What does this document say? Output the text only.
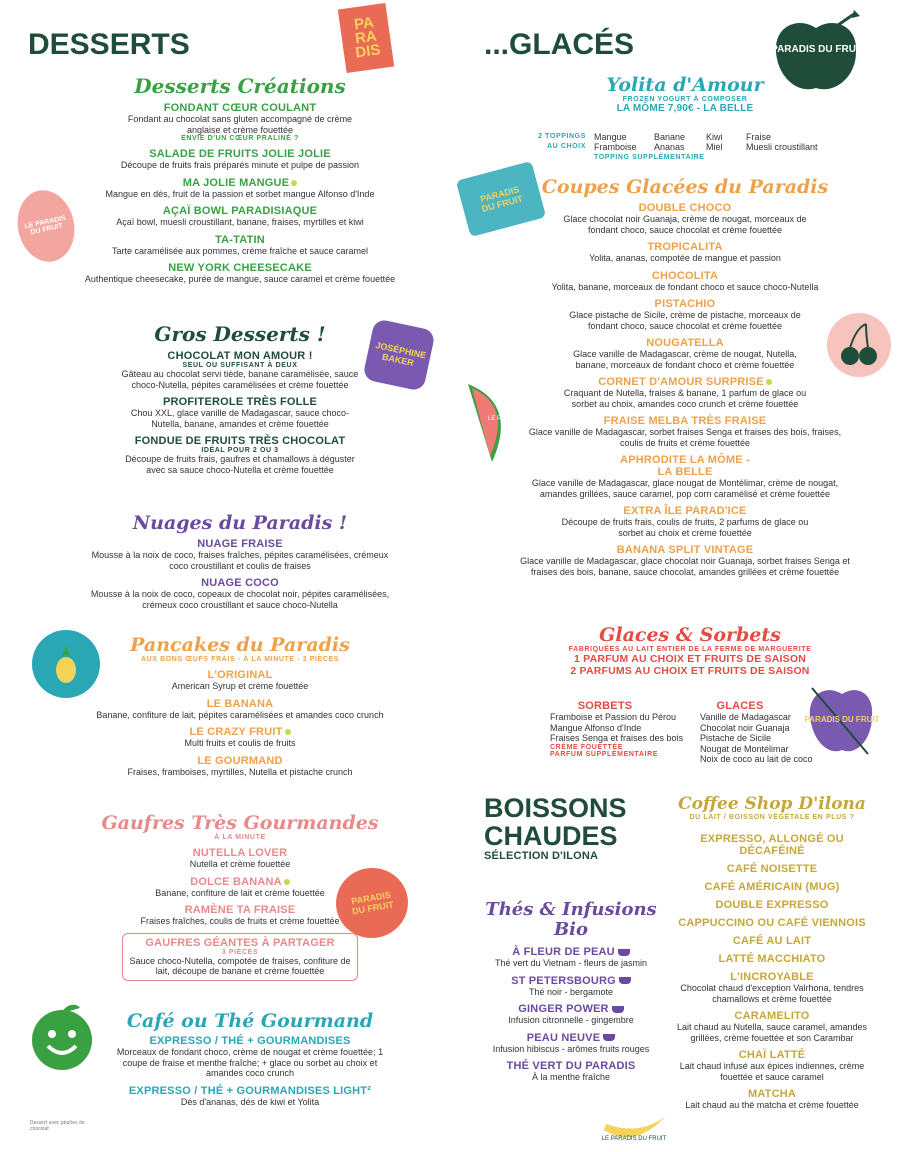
DESSERTS
Desserts Créations
FONDANT CŒUR COULANT
Fondant au chocolat sans gluten accompagné de crème anglaise et crème fouettée
ENVIE D'UN CŒUR PRALINÉ ?
SALADE DE FRUITS JOLIE JOLIE
Découpe de fruits frais préparés minute et pulpe de passion
MA JOLIE MANGUE
Mangue en dés, fruit de la passion et sorbet mangue Alfonso d'Inde
AÇAÏ BOWL PARADISIAQUE
Açaï bowl, muesli croustillant, banane, fraises, myrtilles et kiwi
TA-TATIN
Tarte caramélisée aux pommes, crème fraîche et sauce caramel
NEW YORK CHEESECAKE
Authentique cheesecake, purée de mangue, sauce caramel et crème fouettée
Gros Desserts !
CHOCOLAT MON AMOUR !
SEUL OU SUFFISANT À DEUX
Gâteau au chocolat servi tiède, banane caramélisée, sauce choco-Nutella, pépites caramélisées et crème fouettée
PROFITEROLE TRÈS FOLLE
Chou XXL, glace vanille de Madagascar, sauce choco-Nutella, banane, amandes et crème fouettée
FONDUE DE FRUITS TRÈS CHOCOLAT
IDÉAL POUR 2 OU 3
Découpe de fruits frais, gaufres et chamallows à déguster avec sa sauce choco-Nutella et crème fouettée
Nuages du Paradis !
NUAGE FRAISE
Mousse à la noix de coco, fraises fraîches, pépites caramélisées, crémeux coco croustillant et coulis de fraises
NUAGE COCO
Mousse à la noix de coco, copeaux de chocolat noir, pépites caramélisées, crémeux coco croustillant et sauce choco-Nutella
Pancakes du Paradis
AUX BONS ŒUFS FRAIS - À LA MINUTE - 3 PIÈCES
L'ORIGINAL
American Syrup et crème fouettée
LE BANANA
Banane, confiture de lait, pépites caramélisées et amandes coco crunch
LE CRAZY FRUIT
Multi fruits et coulis de fruits
LE GOURMAND
Fraises, framboises, myrtilles, Nutella et pistache crunch
Gaufres Très Gourmandes
À LA MINUTE
NUTELLA LOVER
Nutella et crème fouettée
DOLCE BANANA
Banane, confiture de lait et crème fouettée
RAMÈNE TA FRAISE
Fraises fraîches, coulis de fruits et crème fouettée
GAUFRES GÉANTES À PARTAGER
3 PIÈCES
Sauce choco-Nutella, compotée de fraises, confiture de lait, découpe de banane et crème fouettée
Café ou Thé Gourmand
EXPRESSO / THÉ + GOURMANDISES
Morceaux de fondant choco, crème de nougat et crème fouettée; 1 coupe de fraise et menthe fraîche; + glace ou sorbet au choix et amandes coco crunch
EXPRESSO / THÉ + GOURMANDISES LIGHT²
Dés d'ananas, dés de kiwi et Yolita
Dessert avec pépites de chocolat
...GLACÉS
Yolita d'Amour
FROZEN YOGURT À COMPOSER
LA MÔME 7,90€ - LA BELLE
2 TOPPINGS AU CHOIX
Mangue
Framboise
Banane
Ananas
Kiwi
Miel
Fraise
Muesli croustillant
TOPPING SUPPLÉMENTAIRE
Coupes Glacées du Paradis
DOUBLE CHOCO
Glace chocolat noir Guanaja, crème de nougat, morceaux de fondant choco, sauce chocolat et crème fouettée
TROPICALITA
Yolita, ananas, compotée de mangue et passion
CHOCOLITA
Yolita, banane, morceaux de fondant choco et sauce choco-Nutella
PISTACHIO
Glace pistache de Sicile, crème de pistache, morceaux de fondant choco, sauce chocolat et crème fouettée
NOUGATELLA
Glace vanille de Madagascar, crème de nougat, Nutella, banane, morceaux de fondant choco et crème fouettée
CORNET D'AMOUR SURPRISE
Craquant de Nutella, fraises & banane, 1 parfum de glace ou sorbet au choix, amandes coco crunch et crème fouettée
FRAISE MELBA TRÈS FRAISE
Glace vanille de Madagascar, sorbet fraises Senga et fraises des bois, fraises, coulis de fruits et crème fouettée
APHRODITE LA MÔME - LA BELLE
Glace vanille de Madagascar, glace nougat de Montélimar, crème de nougat, amandes grillées, sauce caramel, pop corn caramélisé et crème fouettée
EXTRA ÎLE PARAD'ICE
Découpe de fruits frais, coulis de fruits, 2 parfums de glace ou sorbet au choix et crème fouettée
BANANA SPLIT VINTAGE
Glace vanille de Madagascar, glace chocolat noir Guanaja, sorbet fraises Senga et fraises des bois, banane, sauce chocolat, amandes grillées et crème fouettée
Glaces & Sorbets
FABRIQUÉES AU LAIT ENTIER DE LA FERME DE MARGUERITE
1 PARFUM AU CHOIX ET FRUITS DE SAISON
2 PARFUMS AU CHOIX ET FRUITS DE SAISON
SORBETS
Framboise et Passion du Pérou
Mangue Alfonso d'Inde
Fraises Senga et fraises des bois
CRÈME FOUETTÉE
PARFUM SUPPLÉMENTAIRE
GLACES
Vanille de Madagascar
Chocolat noir Guanaja
Pistache de Sicile
Nougat de Montélimar
Noix de coco au lait de coco
BOISSONS
CHAUDES
SÉLECTION D'ILONA
Thés & Infusions Bio
À FLEUR DE PEAU
Thé vert du Vietnam - fleurs de jasmin
ST PETERSBOURG
Thé noir - bergamote
GINGER POWER
Infusion citronnelle - gingembre
PEAU NEUVE
Infusion hibiscus - arômes fruits rouges
THÉ VERT DU PARADIS
À la menthe fraîche
Coffee Shop D'ilona
DU LAIT / BOISSON VÉGÉTALE EN PLUS ?
EXPRESSO, ALLONGÉ OU DÉCAFÉINÉ
CAFÉ NOISETTE
CAFÉ AMÉRICAIN (MUG)
DOUBLE EXPRESSO
CAPPUCCINO OU CAFÉ VIENNOIS
CAFÉ AU LAIT
LATTÉ MACCHIATO
L'INCROYABLE
Chocolat chaud d'exception Valrhona, tendres chamallows et crème fouettée
CARAMELITO
Lait chaud au Nutella, sauce caramel, amandes grillées, crème fouettée et son Carambar
CHAÏ LATTÉ
Lait chaud infusé aux épices indiennes, crème fouettée et sauce caramel
MATCHA
Lait chaud au thé matcha et crème fouettée
PA RA DIS	PARADIS DU FRUIT
LE PARADIS DU FRUIT
JOSÉPHINE BAKER
PARADIS DU FRUIT
PARADIS DU FRUIT
LE PARADIS DU FRUIT
PARADIS DU FRUIT
LE PARADIS DU FRUIT
